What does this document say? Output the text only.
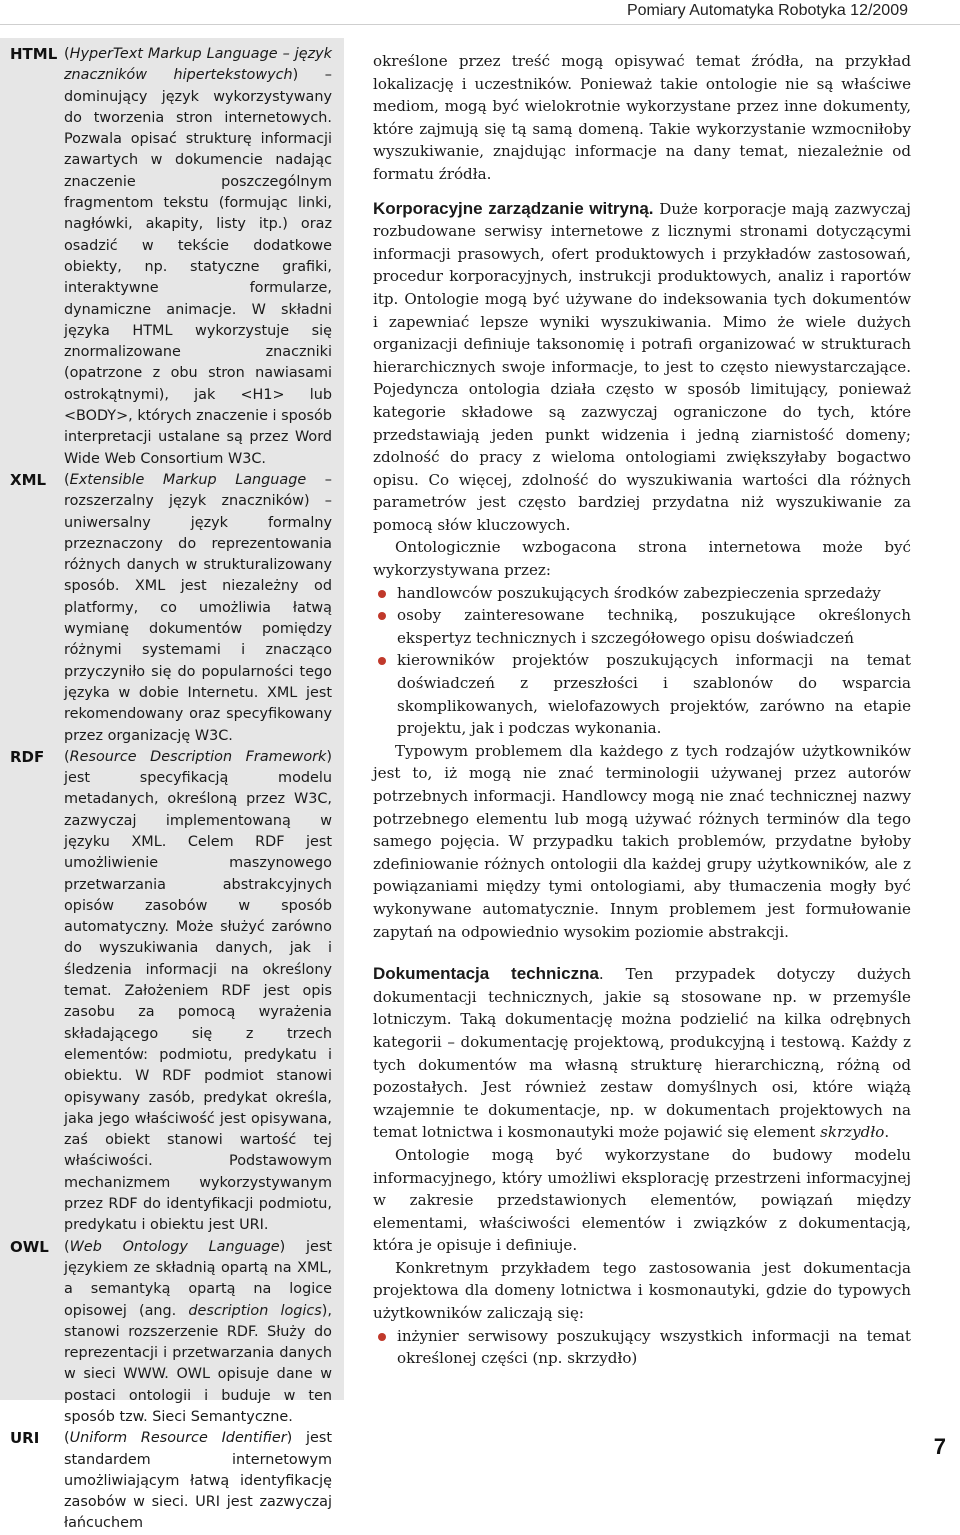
Pomiary Automatyka Robotyka 12/2009
HTML (HyperText Markup Language – język znaczników hipertekstowych) – dominujący język wykorzystywany do tworzenia stron internetowych. Pozwala opisać strukturę informacji zawartych w dokumencie nadając znaczenie poszczególnym fragmentom tekstu (formując linki, nagłówki, akapity, listy itp.) oraz osadzić w tekście dodatkowe obiekty, np. statyczne grafiki, interaktywne formularze, dynamiczne animacje. W składni języka HTML wykorzystuje się znormalizowane znaczniki (opatrzone z obu stron nawiasami ostrokątnymi), jak <H1> lub <BODY>, których znaczenie i sposób interpretacji ustalane są przez Word Wide Web Consortium W3C.

XML (Extensible Markup Language – rozszerzalny język znaczników) – uniwersalny język formalny przeznaczony do reprezentowania różnych danych w strukturalizowany sposób. XML jest niezależny od platformy, co umożliwia łatwą wymianę dokumentów pomiędzy różnymi systemami i znacząco przyczyniło się do popularności tego języka w dobie Internetu. XML jest rekomendowany oraz specyfikowany przez organizację W3C.

RDF (Resource Description Framework) jest specyfikacją modelu metadanych, określoną przez W3C, zazwyczaj implementowaną w języku XML. Celem RDF jest umożliwienie maszynowego przetwarzania abstrakcyjnych opisów zasobów w sposób automatyczny. Może służyć zarówno do wyszukiwania danych, jak i śledzenia informacji na określony temat. Założeniem RDF jest opis zasobu za pomocą wyrażenia składającego się z trzech elementów: podmiotu, predykatu i obiektu. W RDF podmiot stanowi opisywany zasób, predykat określa, jaka jego właściwość jest opisywana, zaś obiekt stanowi wartość tej właściwości. Podstawowym mechanizmem wykorzystywanym przez RDF do identyfikacji podmiotu, predykatu i obiektu jest URI.

OWL (Web Ontology Language) jest językiem ze składnią opartą na XML, a semantyką opartą na logice opisowej (ang. description logics), stanowi rozszerzenie RDF. Służy do reprezentacji i przetwarzania danych w sieci WWW. OWL opisuje dane w postaci ontologii i buduje w ten sposób tzw. Sieci Semantyczne.

URI (Uniform Resource Identifier) jest standardem internetowym umożliwiającym łatwą identyfikację zasobów w sieci. URI jest zazwyczaj łańcuchem

określone przez treść mogą opisywać temat źródła, na przykład lokalizację i uczestników. Ponieważ takie ontologie nie są właściwe mediom, mogą być wielokrotnie wykorzystane przez inne dokumenty, które zajmują się tą samą domeną. Takie wykorzystanie wzmocniłoby wyszukiwanie, znajdując informacje na dany temat, niezależnie od formatu źródła.

Korporacyjne zarządzanie witryną. Duże korporacje mają zazwyczaj rozbudowane serwisy internetowe z licznymi stronami dotyczącymi informacji prasowych, ofert produktowych i przykładów zastosowań, procedur korporacyjnych, instrukcji produktowych, analiz i raportów itp. Ontologie mogą być używane do indeksowania tych dokumentów i zapewniać lepsze wyniki wyszukiwania. Mimo że wiele dużych organizacji definiuje taksonomię i potrafi organizować w strukturach hierarchicznych swoje informacje, to jest to często niewystarczające. Pojedyncza ontologia działa często w sposób limitujący, ponieważ kategorie składowe są zazwyczaj ograniczone do tych, które przedstawiają jeden punkt widzenia i jedną ziarnistość domeny; zdolność do pracy z wieloma ontologiami zwiększyłaby bogactwo opisu. Co więcej, zdolność do wyszukiwania wartości dla różnych parametrów jest często bardziej przydatna niż wyszukiwanie za pomocą słów kluczowych.

Ontologicznie wzbogacona strona internetowa może być wykorzystywana przez:

handlowców poszukujących środków zabezpieczenia sprzedaży
osoby zainteresowane techniką, poszukujące określonych ekspertyz technicznych i szczegółowego opisu doświadczeń
kierowników projektów poszukujących informacji na temat doświadczeń z przeszłości i szablonów do wsparcia skomplikowanych, wielofazowych projektów, zarówno na etapie projektu, jak i podczas wykonania.

Typowym problemem dla każdego z tych rodzajów użytkowników jest to, iż mogą nie znać terminologii używanej przez autorów potrzebnych informacji. Handlowcy mogą nie znać technicznej nazwy potrzebnego elementu lub mogą używać różnych terminów dla tego samego pojęcia. W przypadku takich problemów, przydatne byłoby zdefiniowanie różnych ontologii dla każdej grupy użytkowników, ale z powiązaniami między tymi ontologiami, aby tłumaczenia mogły być wykonywane automatycznie. Innym problemem jest formułowanie zapytań na odpowiednio wysokim poziomie abstrakcji.

Dokumentacja techniczna. Ten przypadek dotyczy dużych dokumentacji technicznych, jakie są stosowane np. w przemyśle lotniczym. Taką dokumentację można podzielić na kilka odrębnych kategorii – dokumentację projektową, produkcyjną i testową. Każdy z tych dokumentów ma własną strukturę hierarchiczną, różną od pozostałych. Jest również zestaw domyślnych osi, które wiążą wzajemnie te dokumentacje, np. w dokumentach projektowych na temat lotnictwa i kosmonautyki może pojawić się element skrzydło.

Ontologie mogą być wykorzystane do budowy modelu informacyjnego, który umożliwi eksplorację przestrzeni informacyjnej w zakresie przedstawionych elementów, powiązań między elementami, właściwości elementów i związków z dokumentacją, która je opisuje i definiuje.

Konkretnym przykładem tego zastosowania jest dokumentacja projektowa dla domeny lotnictwa i kosmonautyki, gdzie do typowych użytkowników zaliczają się:

inżynier serwisowy poszukujący wszystkich informacji na temat określonej części (np. skrzydło)
7
